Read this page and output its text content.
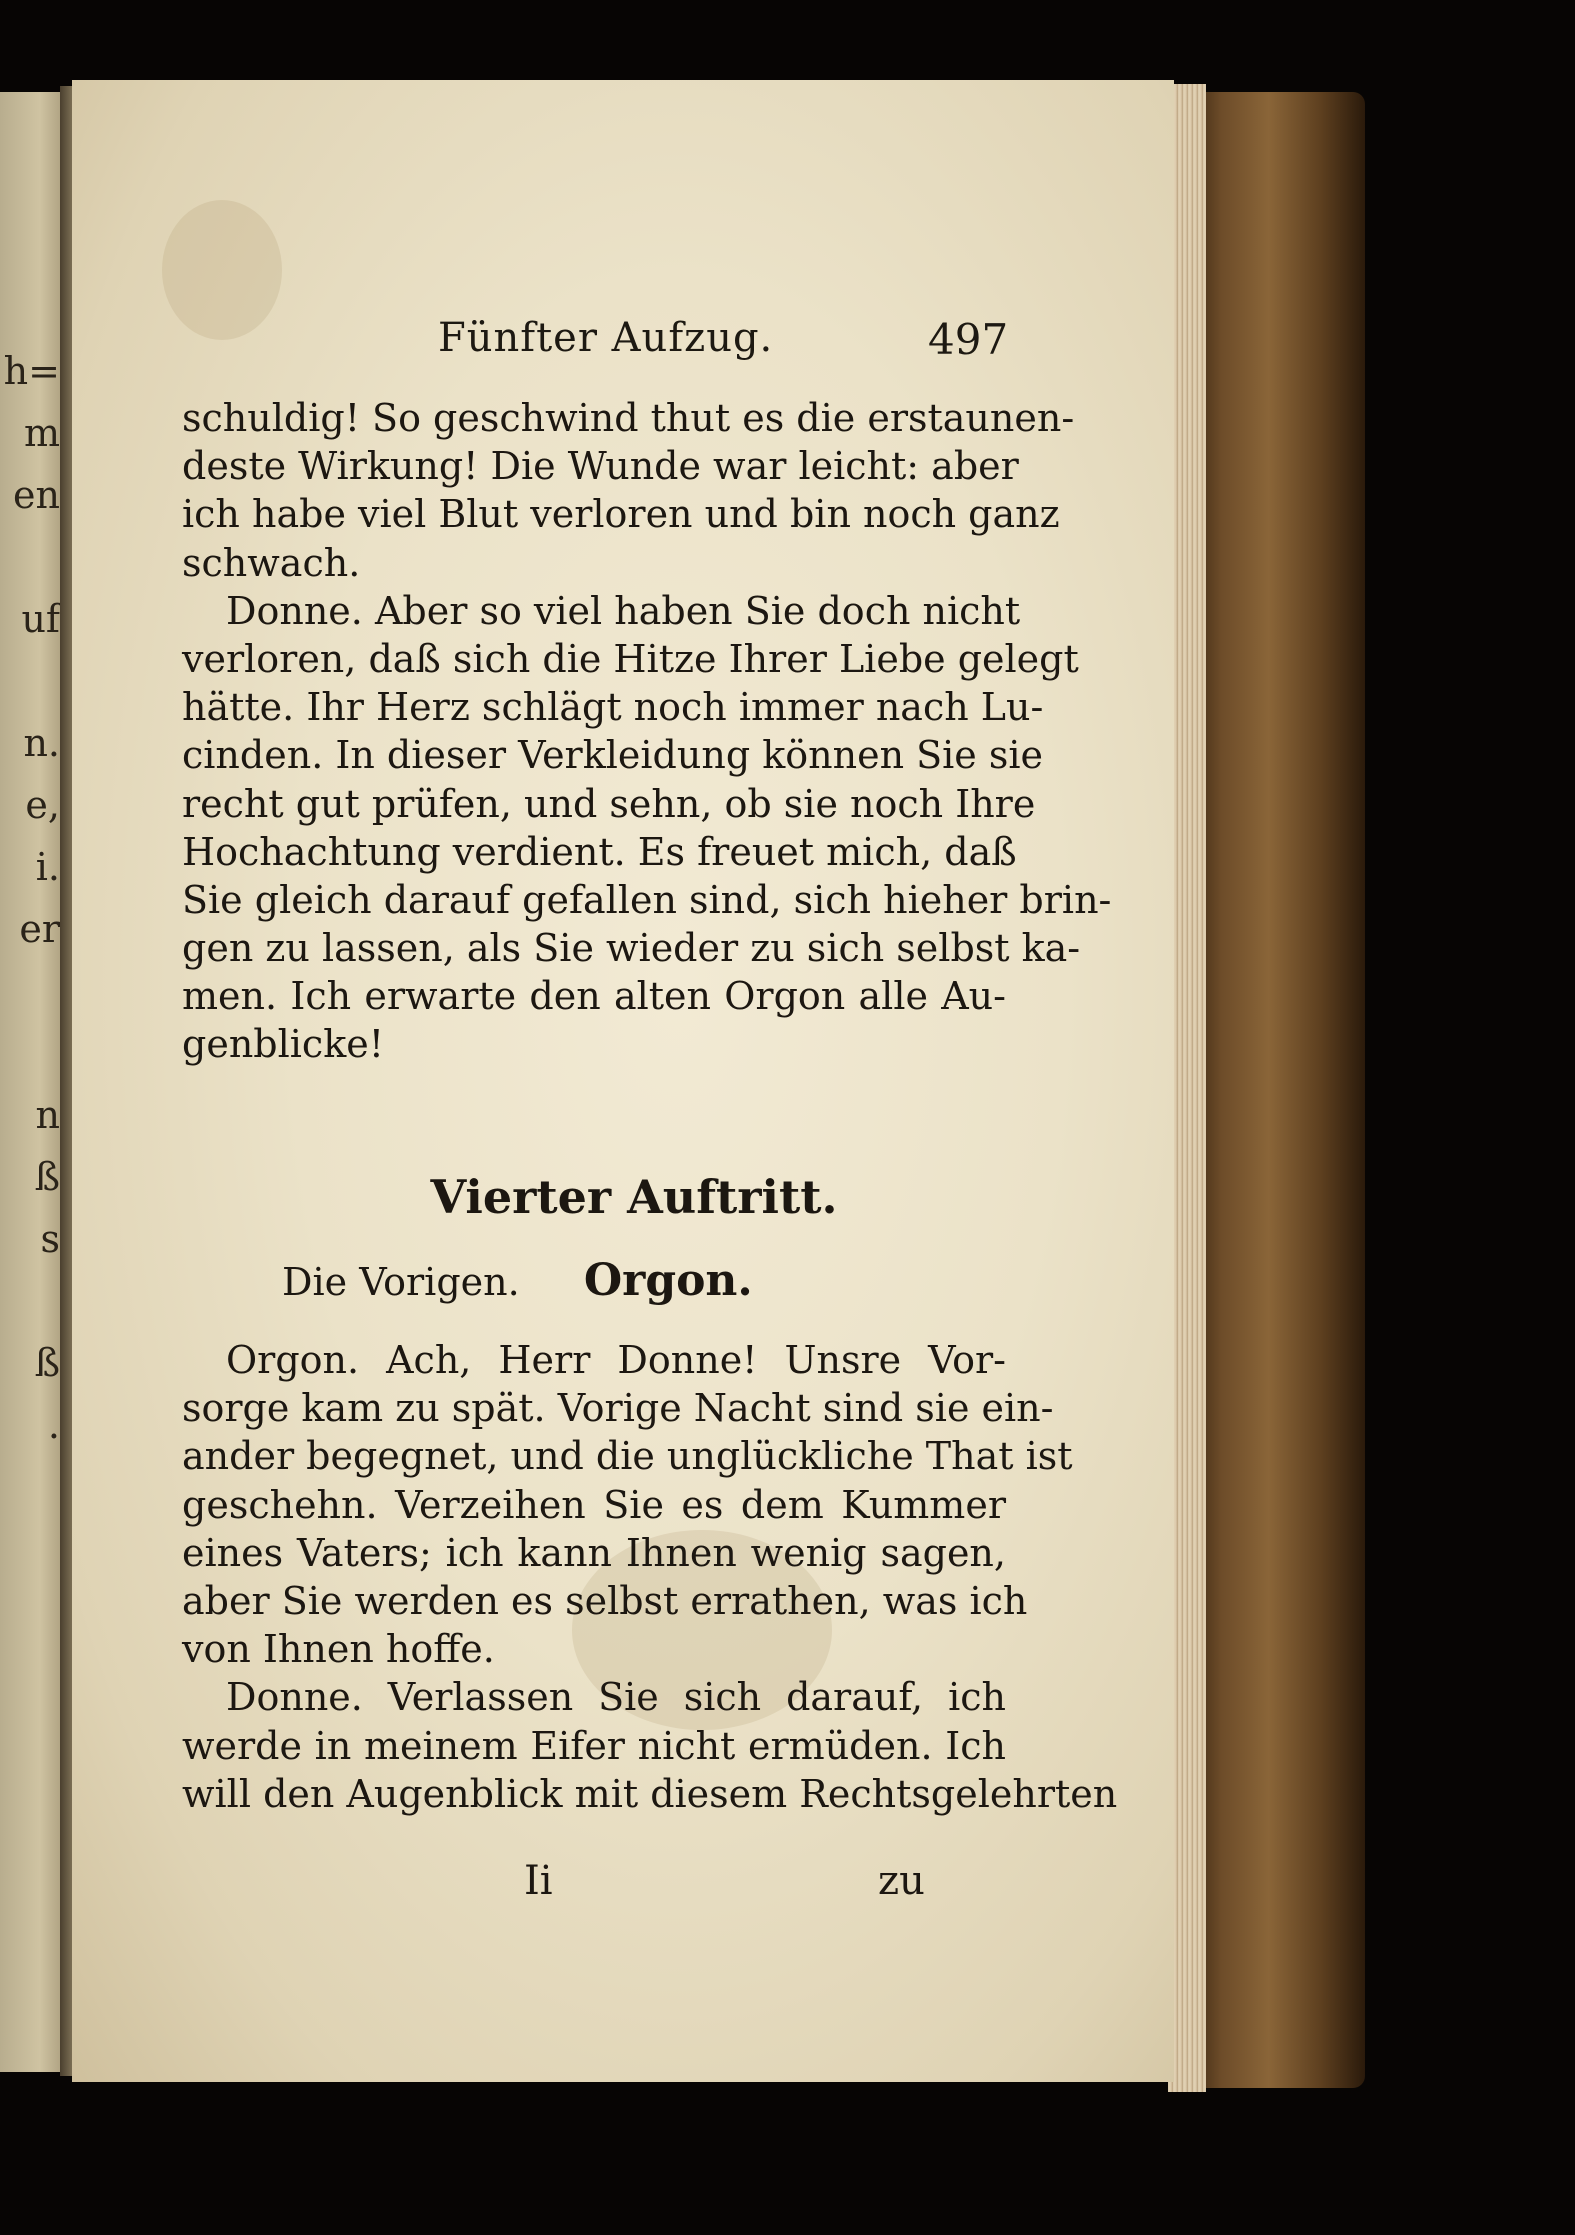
h=
m
en
uf
n.
e,
i.
er
n
ß
s
ß
.
Fünfter Aufzug.	497
schuldig! So geschwind thut es die erstaunen-
deste Wirkung! Die Wunde war leicht: aber
ich habe viel Blut verloren und bin noch ganz
schwach.
Donne. Aber so viel haben Sie doch nicht
verloren, daß sich die Hitze Ihrer Liebe gelegt
hätte. Ihr Herz schlägt noch immer nach Lu-
cinden. In dieser Verkleidung können Sie sie
recht gut prüfen, und sehn, ob sie noch Ihre
Hochachtung verdient. Es freuet mich, daß
Sie gleich darauf gefallen sind, sich hieher brin-
gen zu lassen, als Sie wieder zu sich selbst ka-
men. Ich erwarte den alten Orgon alle Au-
genblicke!
Vierter Auftritt.
Die Vorigen. Orgon.
Orgon. Ach, Herr Donne! Unsre Vor-
sorge kam zu spät. Vorige Nacht sind sie ein-
ander begegnet, und die unglückliche That ist
geschehn. Verzeihen Sie es dem Kummer
eines Vaters; ich kann Ihnen wenig sagen,
aber Sie werden es selbst errathen, was ich
von Ihnen hoffe.
Donne. Verlassen Sie sich darauf, ich
werde in meinem Eifer nicht ermüden. Ich
will den Augenblick mit diesem Rechtsgelehrten
Ii	zu
